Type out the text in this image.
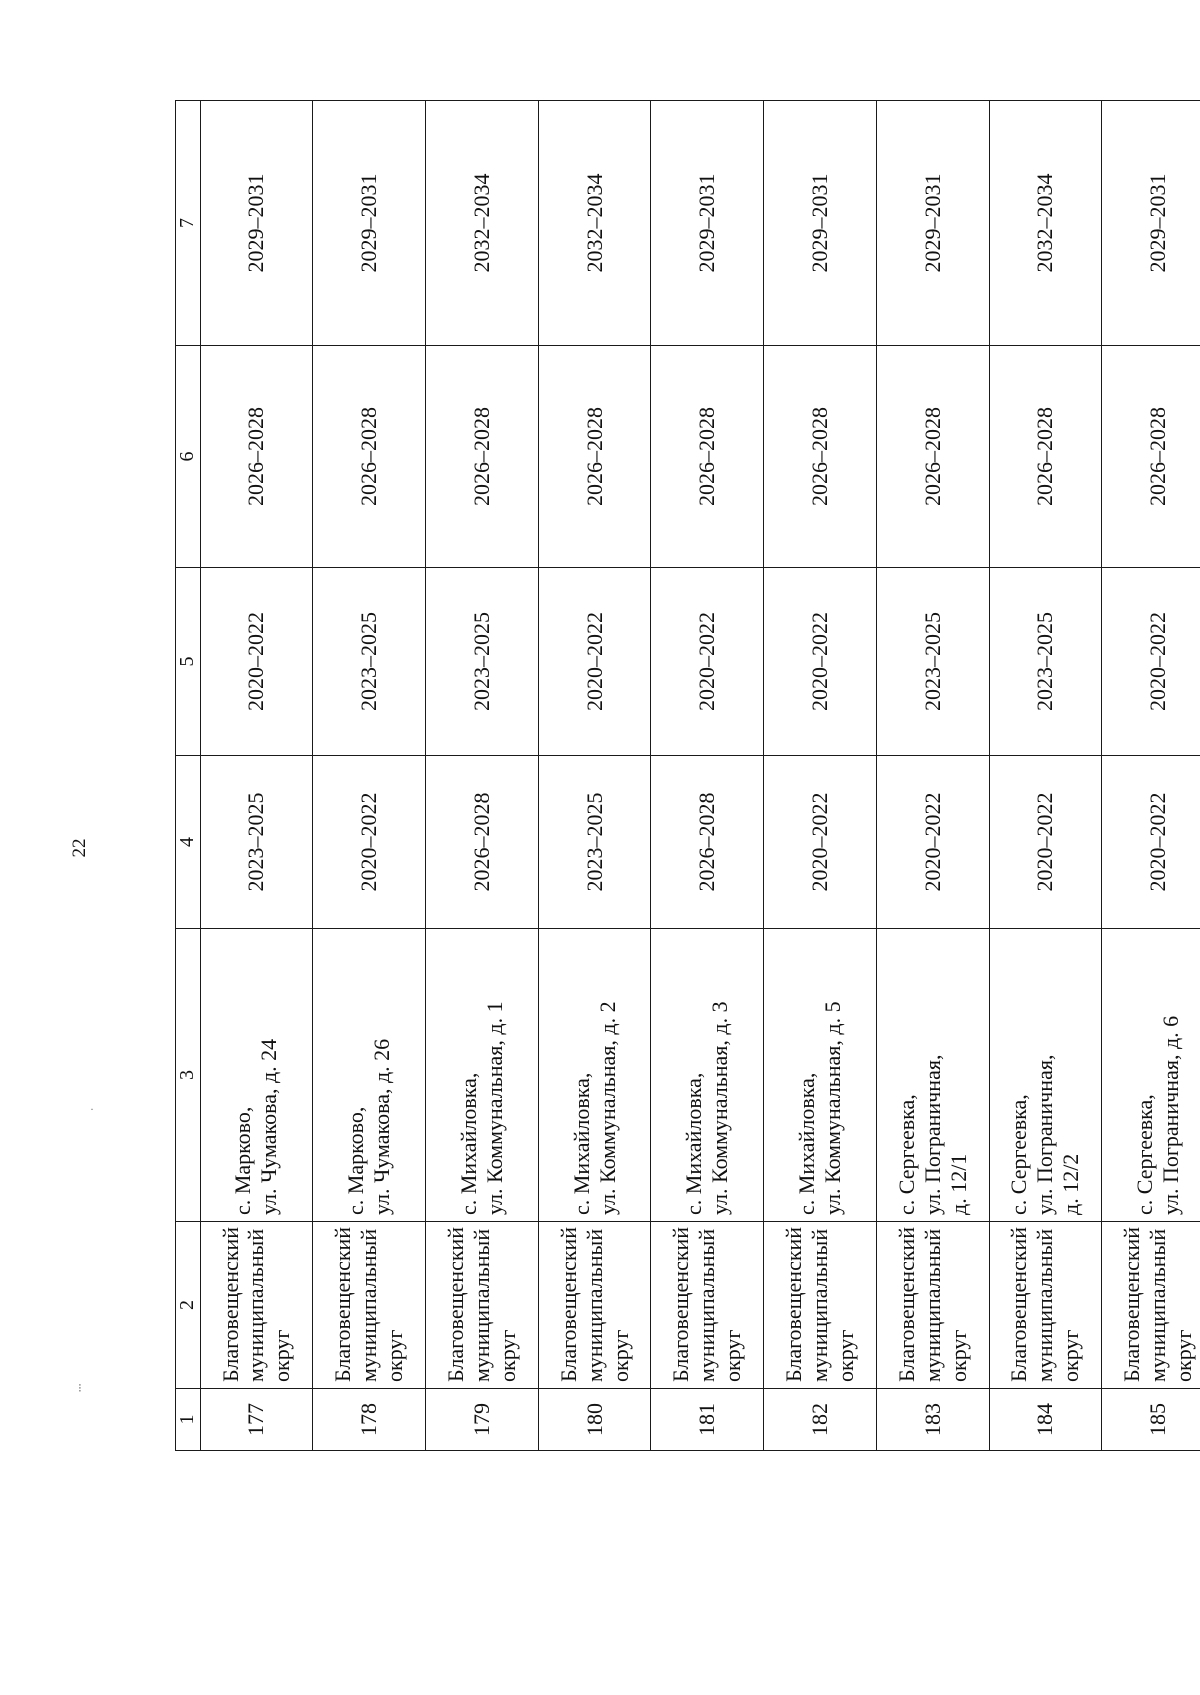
22
⁝
·
1	2	3	4	5	6	7
177	Благовещенский муниципальный округ	с. Марково, ул. Чумакова, д. 24	2023–2025	2020–2022	2026–2028	2029–2031
178	Благовещенский муниципальный округ	с. Марково, ул. Чумакова, д. 26	2020–2022	2023–2025	2026–2028	2029–2031
179	Благовещенский муниципальный округ	с. Михайловка, ул. Коммунальная, д. 1	2026–2028	2023–2025	2026–2028	2032–2034
180	Благовещенский муниципальный округ	с. Михайловка, ул. Коммунальная, д. 2	2023–2025	2020–2022	2026–2028	2032–2034
181	Благовещенский муниципальный округ	с. Михайловка, ул. Коммунальная, д. 3	2026–2028	2020–2022	2026–2028	2029–2031
182	Благовещенский муниципальный округ	с. Михайловка, ул. Коммунальная, д. 5	2020–2022	2020–2022	2026–2028	2029–2031
183	Благовещенский муниципальный округ	с. Сергеевка, ул. Пограничная, д. 12/1	2020–2022	2023–2025	2026–2028	2029–2031
184	Благовещенский муниципальный округ	с. Сергеевка, ул. Пограничная, д. 12/2	2020–2022	2023–2025	2026–2028	2032–2034
185	Благовещенский муниципальный округ	с. Сергеевка, ул. Пограничная, д. 6	2020–2022	2020–2022	2026–2028	2029–2031
